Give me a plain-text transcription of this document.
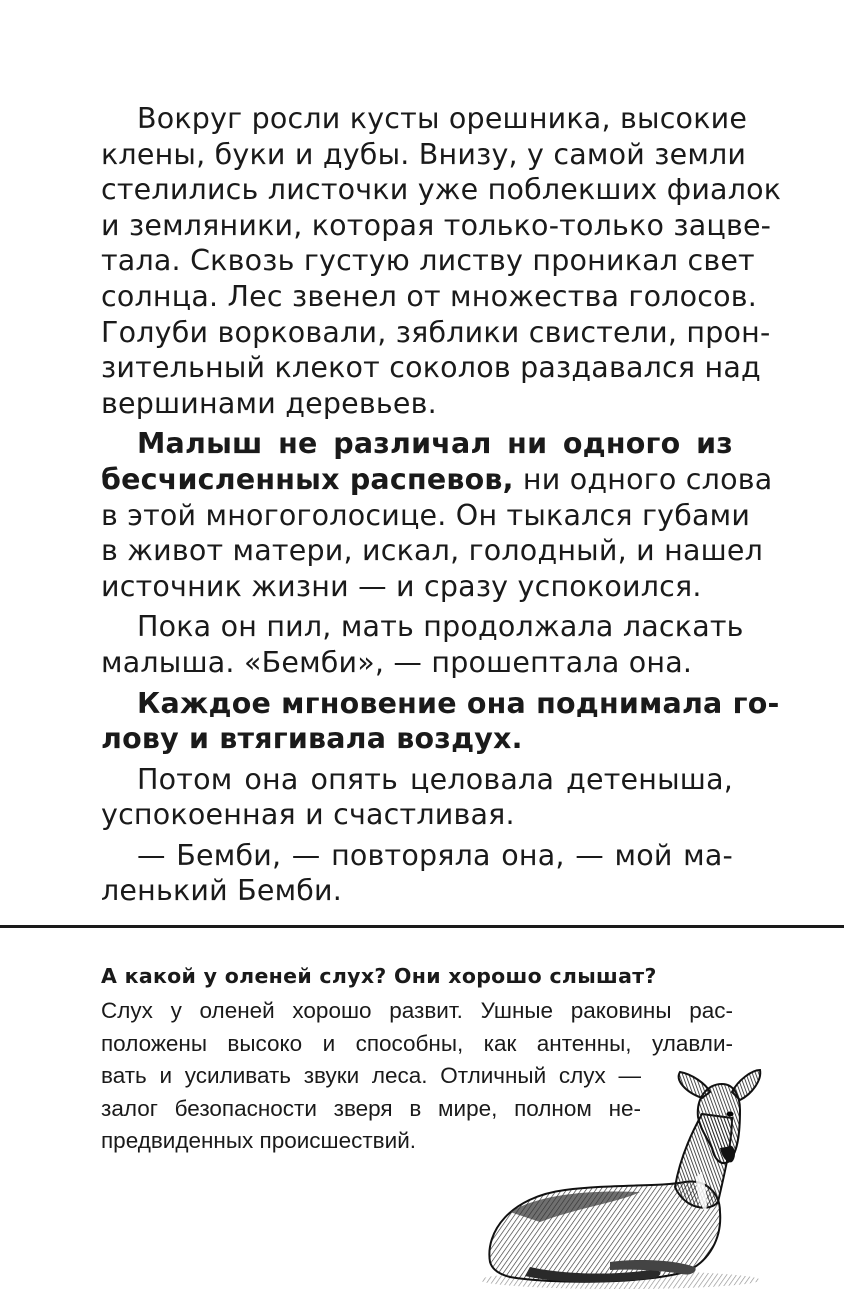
Вокруг росли кусты орешника, высокие
клены, буки и дубы. Внизу, у самой земли
стелились листочки уже поблекших фиалок
и земляники, которая только-только зацве-
тала. Сквозь густую листву проникал свет
солнца. Лес звенел от множества голосов.
Голуби ворковали, зяблики свистели, прон-
зительный клекот соколов раздавался над
вершинами деревьев.

Малыш не различал ни одного из
бесчисленных распевов, ни одного слова
в этой многоголосице. Он тыкался губами
в живот матери, искал, голодный, и нашел
источник жизни — и сразу успокоился.

Пока он пил, мать продолжала ласкать
малыша. «Бемби», — прошептала она.

Каждое мгновение она поднимала го-
лову и втягивала воздух.

Потом она опять целовала детеныша,
успокоенная и счастливая.

— Бемби, — повторяла она, — мой ма-
ленький Бемби.

А какой у оленей слух? Они хорошо слышат?
Слух у оленей хорошо развит. Ушные раковины рас-
положены высоко и способны, как антенны, улавли-
вать и усиливать звуки леса. Отличный слух —
залог безопасности зверя в мире, полном не-
предвиденных происшествий.
